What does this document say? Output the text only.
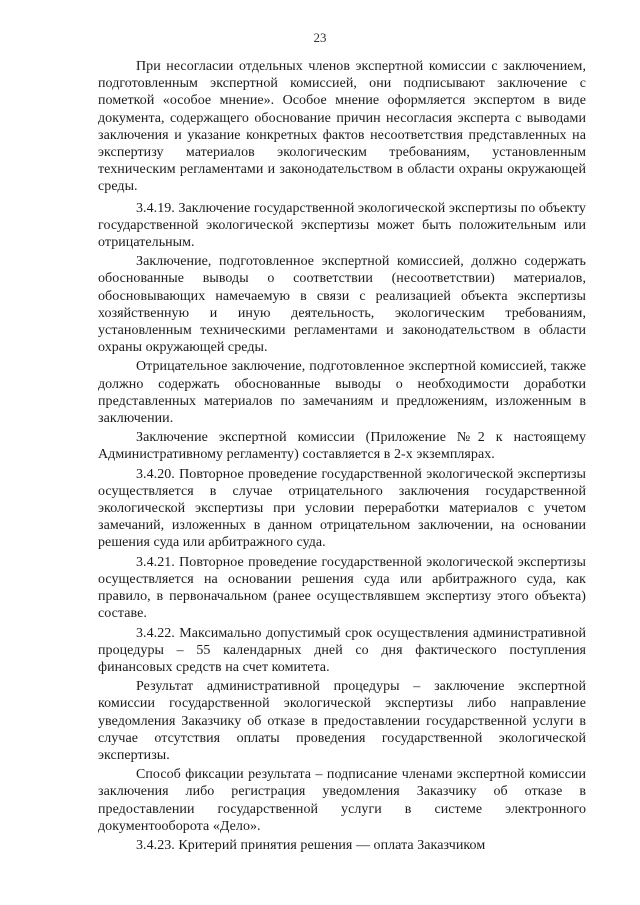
23

При несогласии отдельных членов экспертной комиссии с заключением, подготовленным экспертной комиссией, они подписывают заключение с пометкой «особое мнение». Особое мнение оформляется экспертом в виде документа, содержащего обоснование причин несогласия эксперта с выводами заключения и указание конкретных фактов несоответствия представленных на экспертизу материалов экологическим требованиям, установленным техническим регламентами и законодательством в области охраны окружающей среды.

3.4.19. Заключение государственной экологической экспертизы по объекту государственной экологической экспертизы может быть положительным или отрицательным.

Заключение, подготовленное экспертной комиссией, должно содержать обоснованные выводы о соответствии (несоответствии) материалов, обосновывающих намечаемую в связи с реализацией объекта экспертизы хозяйственную и иную деятельность, экологическим требованиям, установленным техническими регламентами и законодательством в области охраны окружающей среды.

Отрицательное заключение, подготовленное экспертной комиссией, также должно содержать обоснованные выводы о необходимости доработки представленных материалов по замечаниям и предложениям, изложенным в заключении.

Заключение экспертной комиссии (Приложение №2 к настоящему Административному регламенту) составляется в 2-х экземплярах.

3.4.20. Повторное проведение государственной экологической экспертизы осуществляется в случае отрицательного заключения государственной экологической экспертизы при условии переработки материалов с учетом замечаний, изложенных в данном отрицательном заключении, на основании решения суда или арбитражного суда.

3.4.21. Повторное проведение государственной экологической экспертизы осуществляется на основании решения суда или арбитражного суда, как правило, в первоначальном (ранее осуществлявшем экспертизу этого объекта) составе.

3.4.22. Максимально допустимый срок осуществления административной процедуры – 55 календарных дней со дня фактического поступления финансовых средств на счет комитета.

Результат административной процедуры – заключение экспертной комиссии государственной экологической экспертизы либо направление уведомления Заказчику об отказе в предоставлении государственной услуги в случае отсутствия оплаты проведения государственной экологической экспертизы.

Способ фиксации результата – подписание членами экспертной комиссии заключения либо регистрация уведомления Заказчику об отказе в предоставлении государственной услуги в системе электронного документооборота «Дело».

3.4.23. Критерий принятия решения — оплата Заказчиком
